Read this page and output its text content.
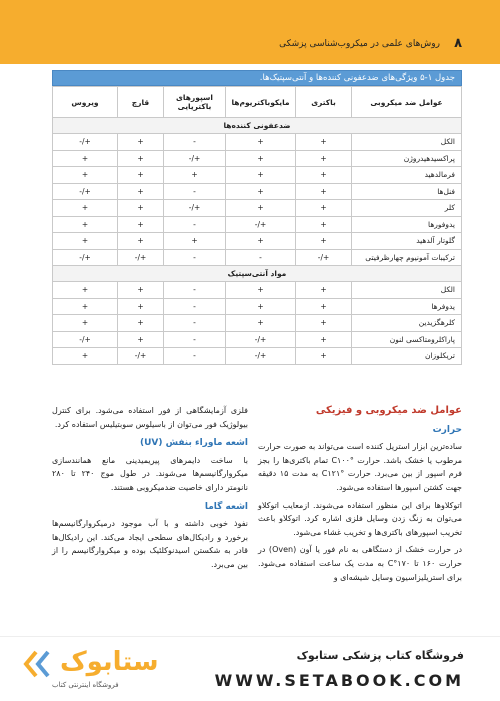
۸
روش‌های علمی در میکروب‌شناسی پزشکی
جدول ۱-۵ ویژگی‌های ضدعفونی کننده‌ها و آنتی‌سپتیک‌ها.
عوامل ضد میکروبی	باکتری	مایکوباکتریوم‌ها	اسپورهای باکتریایی	قارچ	ویروس
ضدعفونی کننده‌ها					
الکل	+	+	-	+	+/-
پراکسیدهیدروژن	+	+	+/-	+	+
فرمالدهید	+	+	+	+	+
فنل‌ها	+	+	-	+	+/-
کلر	+	+	+/-	+	+
یدوفورها	+	+/-	-	+	+
گلوتار آلدهید	+	+	+	+	+
ترکیبات آمونیوم چهارظرفیتی	+/-	-	-	+/-	+/-
مواد آنتی‌سپتیک					
الکل	+	+	-	+	+
یدوفرها	+	+	-	+	+
کلرهگزیدین	+	+	-	+	+
پاراکلرومتاکسی لنون	+	+/-	-	+	+/-
تریکلوزان	+	+/-	-	+/-	+
عوامل ضد میکروبی و فیزیکی
حرارت

ساده‌ترین ابزار استریل کننده است می‌تواند به صورت حرارت مرطوب یا خشک باشد. حرارت °C۱۰۰ تمام باکتری‌ها را بجز فرم اسپور از بین می‌برد. حرارت °C۱۲۱ به مدت ۱۵ دقیقه جهت کشتن اسپورها استفاده می‌شود.

اتوکلاوها برای این منظور استفاده می‌شوند. ازمعایب اتوکلاو می‌توان به زنگ زدن وسایل فلزی اشاره کرد. اتوکلاو باعث تخریب اسپورهای باکتری‌ها و تخریب غشاء می‌شود.

در حرارت خشک از دستگاهی به نام فور یا آون (Oven) در حرارت ۱۶۰ تا ۱۷۰°C به مدت یک ساعت استفاده می‌شود. برای استریلیزاسیون وسایل شیشه‌ای و

فلزی آزمایشگاهی از فور استفاده می‌شود. برای کنترل بیولوژیک فور می‌توان از باسیلوس سوبتیلیس استفاده کرد.

اشعه ماوراء بنفش (UV)

با ساخت دایمرهای پیریمیدینی مانع همانندسازی میکروارگانیسم‌ها می‌شوند. در طول موج ۲۴۰ تا ۲۸۰ نانومتر دارای خاصیت ضدمیکروبی هستند.

اشعه گاما

نفوذ خوبی داشته و با آب موجود درمیکروارگانیسم‌ها برخورد و رادیکال‌های سطحی ایجاد می‌کند. این رادیکال‌ها قادر به شکستن اسیدنوکلئیک بوده و میکروارگانیسم را از بین می‌برد.

ستابوک
فروشگاه اینترنتی کتاب
فروشگاه کتاب پزشکی ستابوک
WWW.SETABOOK.COM
